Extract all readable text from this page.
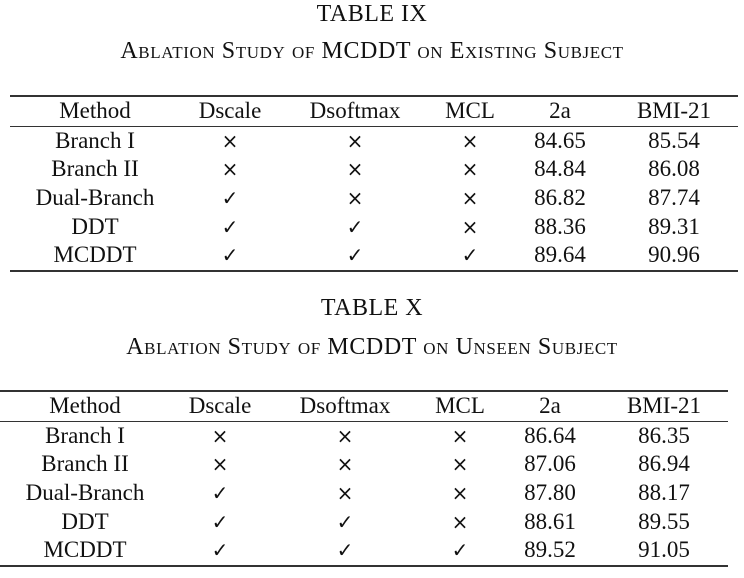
TABLE IX
Ablation Study of MCDDT on Existing Subject
Method	Dscale	Dsoftmax	MCL	2a	BMI-21
Branch I	×	×	×	84.65	85.54
Branch II	×	×	×	84.84	86.08
Dual-Branch	✓	×	×	86.82	87.74
DDT	✓	✓	×	88.36	89.31
MCDDT	✓	✓	✓	89.64	90.96
TABLE X
Ablation Study of MCDDT on Unseen Subject
Method	Dscale	Dsoftmax	MCL	2a	BMI-21
Branch I	×	×	×	86.64	86.35
Branch II	×	×	×	87.06	86.94
Dual-Branch	✓	×	×	87.80	88.17
DDT	✓	✓	×	88.61	89.55
MCDDT	✓	✓	✓	89.52	91.05
